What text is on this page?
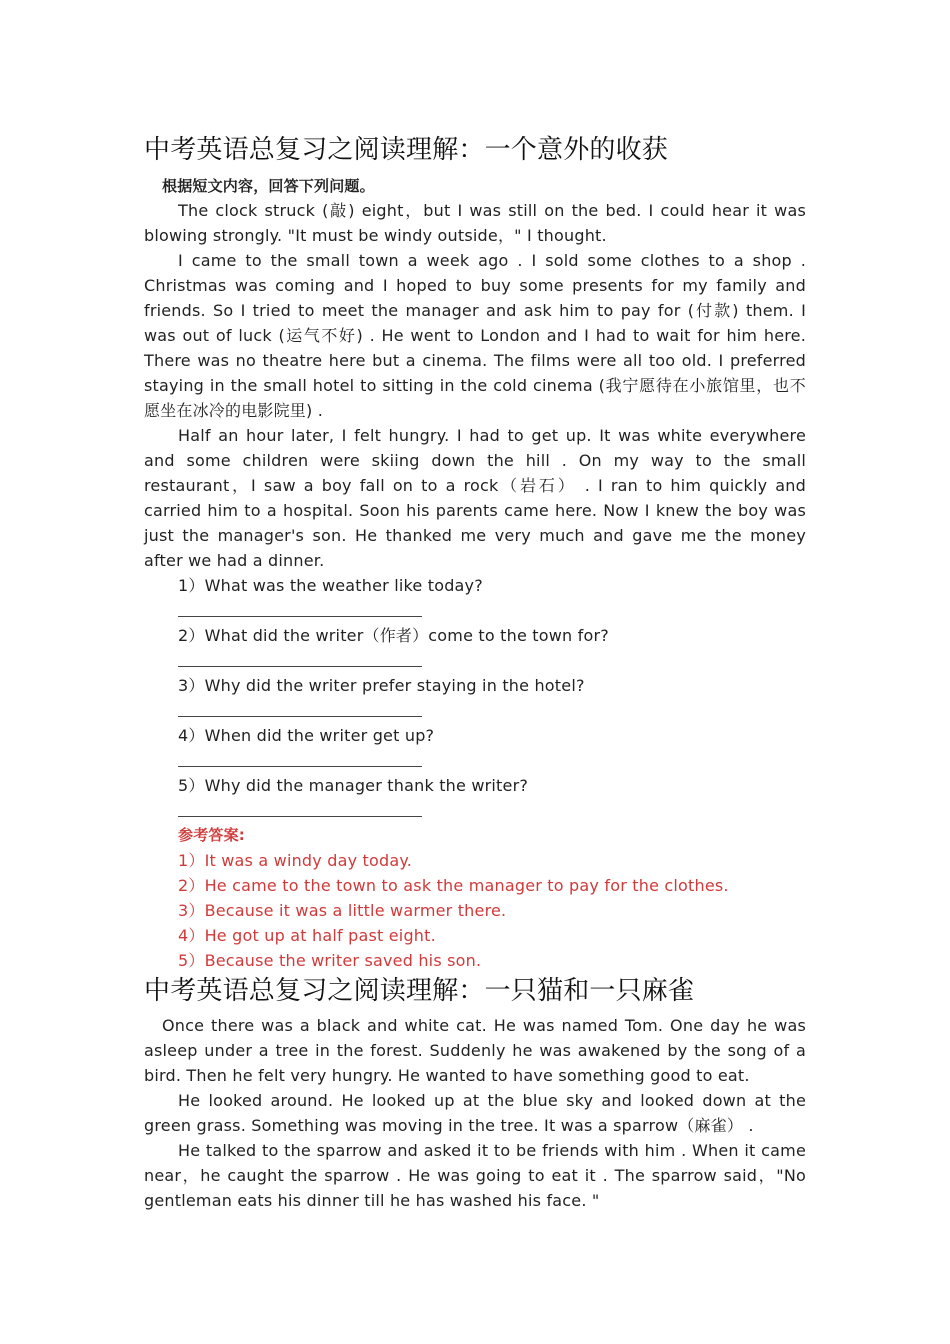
中考英语总复习之阅读理解：一个意外的收获
根据短文内容，回答下列问题。

The clock struck (敲) eight，but I was still on the bed. I could hear it was blowing strongly. "It must be windy outside，" I thought.

I came to the small town a week ago . I sold some clothes to a shop . Christmas was coming and I hoped to buy some presents for my family and friends. So I tried to meet the manager and ask him to pay for (付款) them. I was out of luck (运气不好) . He went to London and I had to wait for him here. There was no theatre here but a cinema. The films were all too old. I preferred staying in the small hotel to sitting in the cold cinema (我宁愿待在小旅馆里，也不愿坐在冰冷的电影院里) .

Half an hour later, I felt hungry. I had to get up. It was white everywhere and some children were skiing down the hill . On my way to the small restaurant，I saw a boy fall on to a rock（岩石） . I ran to him quickly and carried him to a hospital. Soon his parents came here. Now I knew the boy was just the manager's son. He thanked me very much and gave me the money after we had a dinner.

1）What was the weather like today?
2）What did the writer（作者）come to the town for?
3）Why did the writer prefer staying in the hotel?
4）When did the writer get up?
5）Why did the manager thank the writer?
参考答案:
1）It was a windy day today.
2）He came to the town to ask the manager to pay for the clothes.
3）Because it was a little warmer there.
4）He got up at half past eight.
5）Because the writer saved his son.
中考英语总复习之阅读理解：一只猫和一只麻雀

Once there was a black and white cat. He was named Tom. One day he was asleep under a tree in the forest. Suddenly he was awakened by the song of a bird. Then he felt very hungry. He wanted to have something good to eat.

He looked around. He looked up at the blue sky and looked down at the green grass. Something was moving in the tree. It was a sparrow（麻雀） .

He talked to the sparrow and asked it to be friends with him . When it came near，he caught the sparrow . He was going to eat it . The sparrow said，"No gentleman eats his dinner till he has washed his face. "
